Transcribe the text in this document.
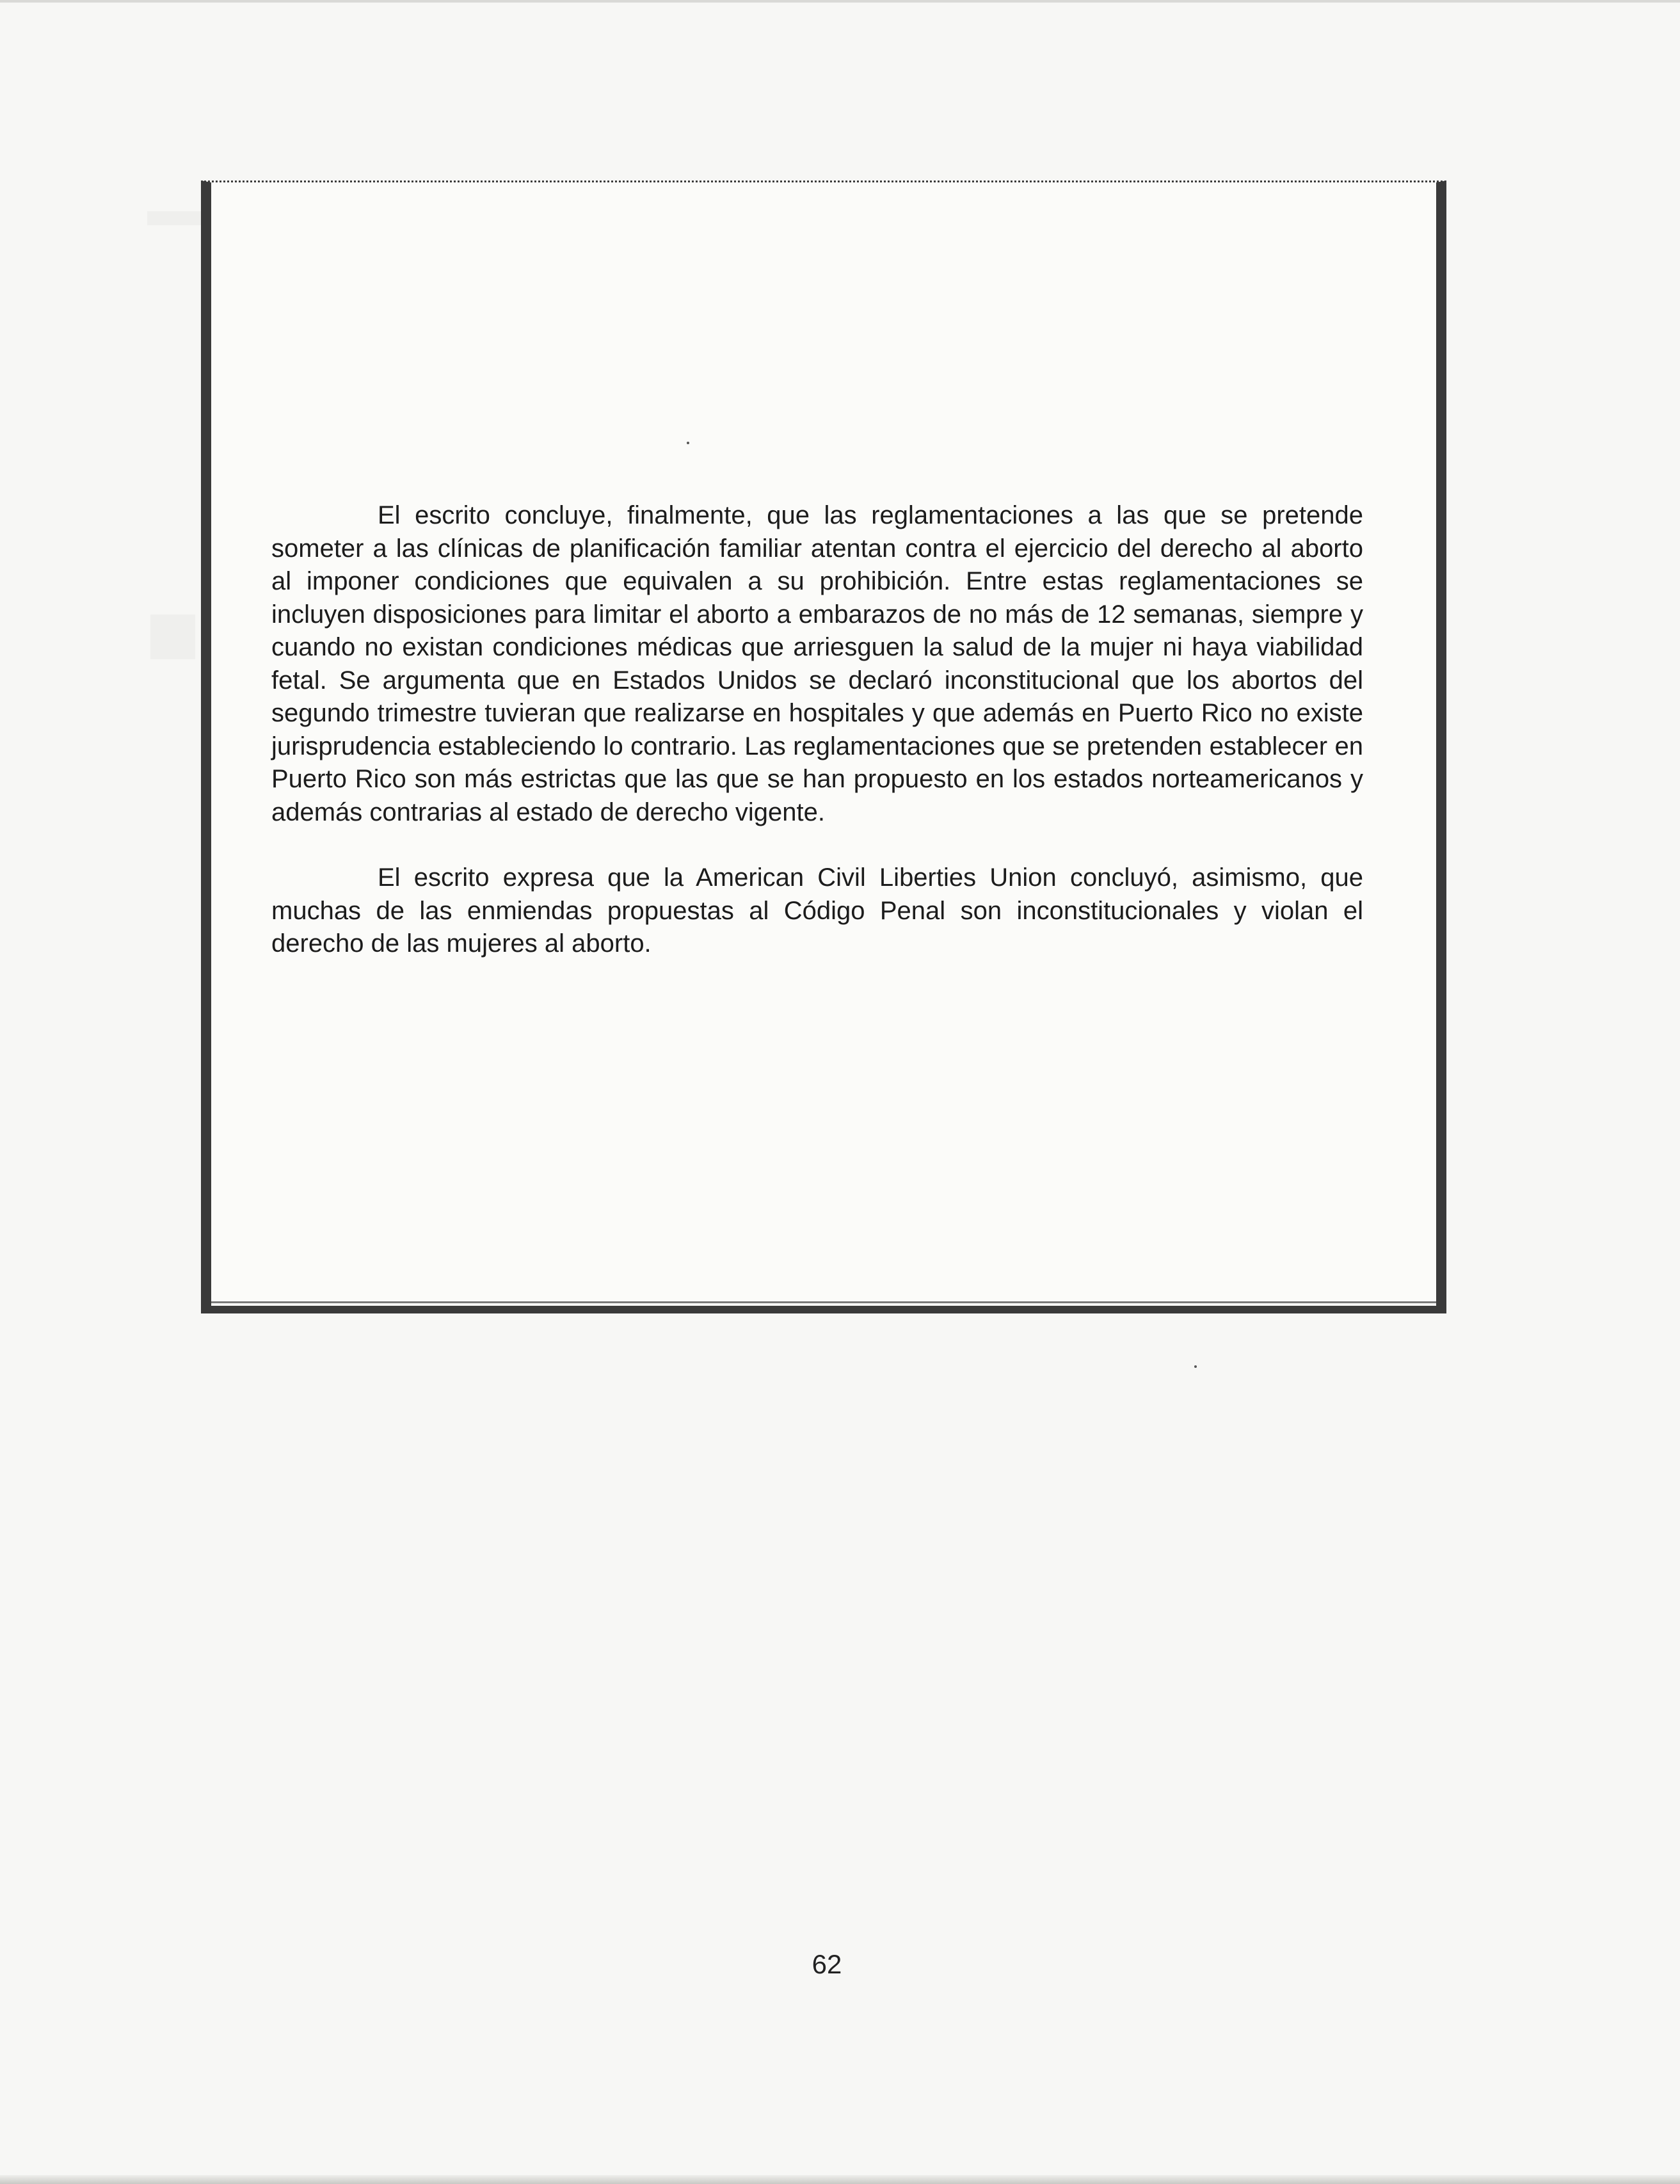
El escrito concluye, finalmente, que las reglamentaciones a las que se pretende someter a las clínicas de planificación familiar atentan contra el ejercicio del derecho al aborto al imponer condiciones que equivalen a su prohibición. Entre estas reglamentaciones se incluyen disposiciones para limitar el aborto a embarazos de no más de 12 semanas, siempre y cuando no existan condiciones médicas que arriesguen la salud de la mujer ni haya viabilidad fetal. Se argumenta que en Estados Unidos se declaró inconstitucional que los abortos del segundo trimestre tuvieran que realizarse en hospitales y que además en Puerto Rico no existe jurisprudencia estableciendo lo contrario. Las reglamentaciones que se pretenden establecer en Puerto Rico son más estrictas que las que se han propuesto en los estados norteamericanos y además contrarias al estado de derecho vigente.

El escrito expresa que la American Civil Liberties Union concluyó, asimismo, que muchas de las enmiendas propuestas al Código Penal son inconstitucionales y violan el derecho de las mujeres al aborto.

62
